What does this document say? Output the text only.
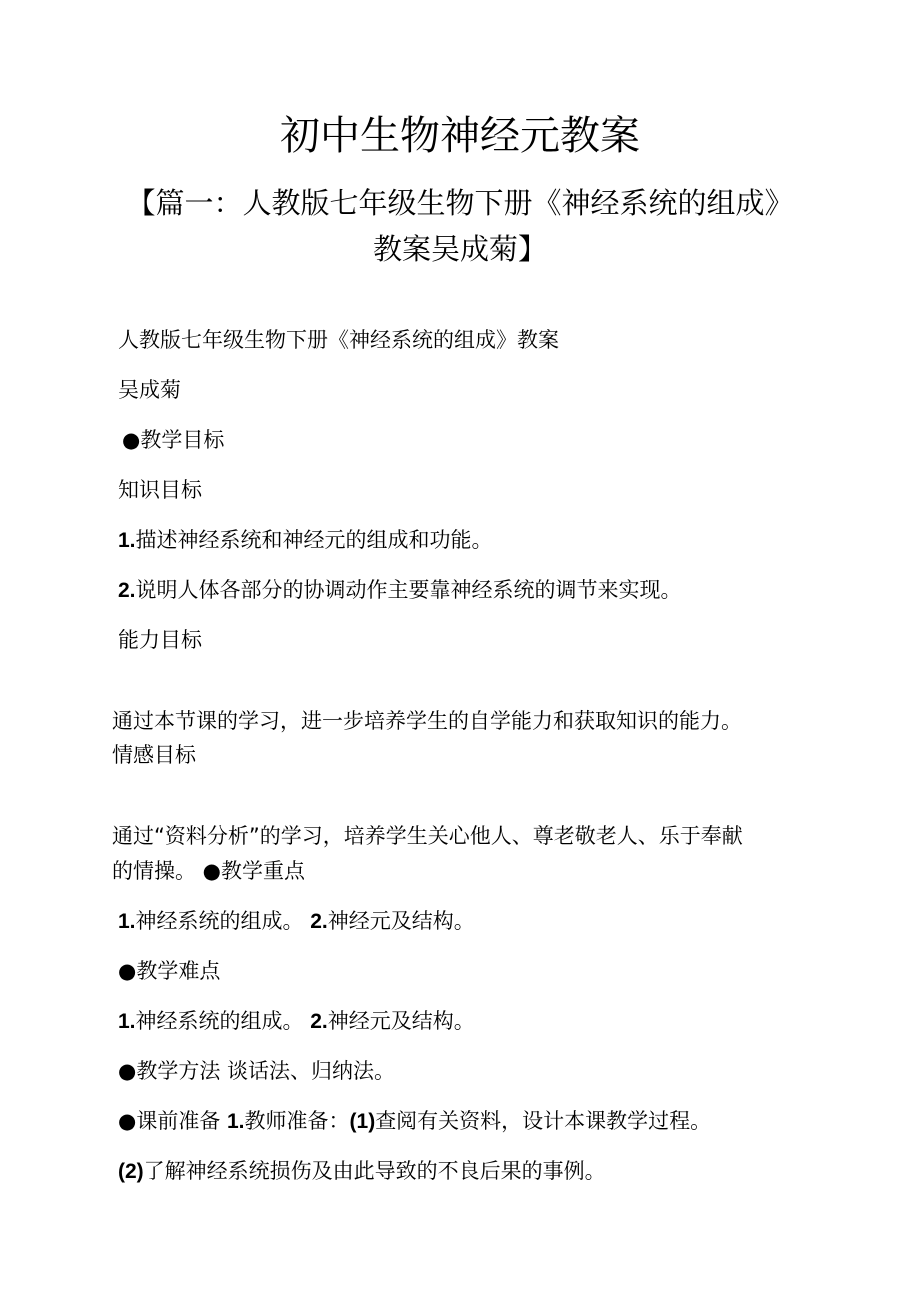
初中生物神经元教案
【篇一：人教版七年级生物下册《神经系统的组成》
教案吴成菊】
人教版七年级生物下册《神经系统的组成》教案
吴成菊
●教学目标
知识目标
1.描述神经系统和神经元的组成和功能。
2.说明人体各部分的协调动作主要靠神经系统的调节来实现。
能力目标
通过本节课的学习，进一步培养学生的自学能力和获取知识的能力。
情感目标
通过“资料分析”的学习，培养学生关心他人、尊老敬老人、乐于奉献
的情操。 ●教学重点
1.神经系统的组成。 2.神经元及结构。
●教学难点
1.神经系统的组成。 2.神经元及结构。
●教学方法 谈话法、归纳法。
●课前准备 1.教师准备：(1)查阅有关资料，设计本课教学过程。
(2)了解神经系统损伤及由此导致的不良后果的事例。
